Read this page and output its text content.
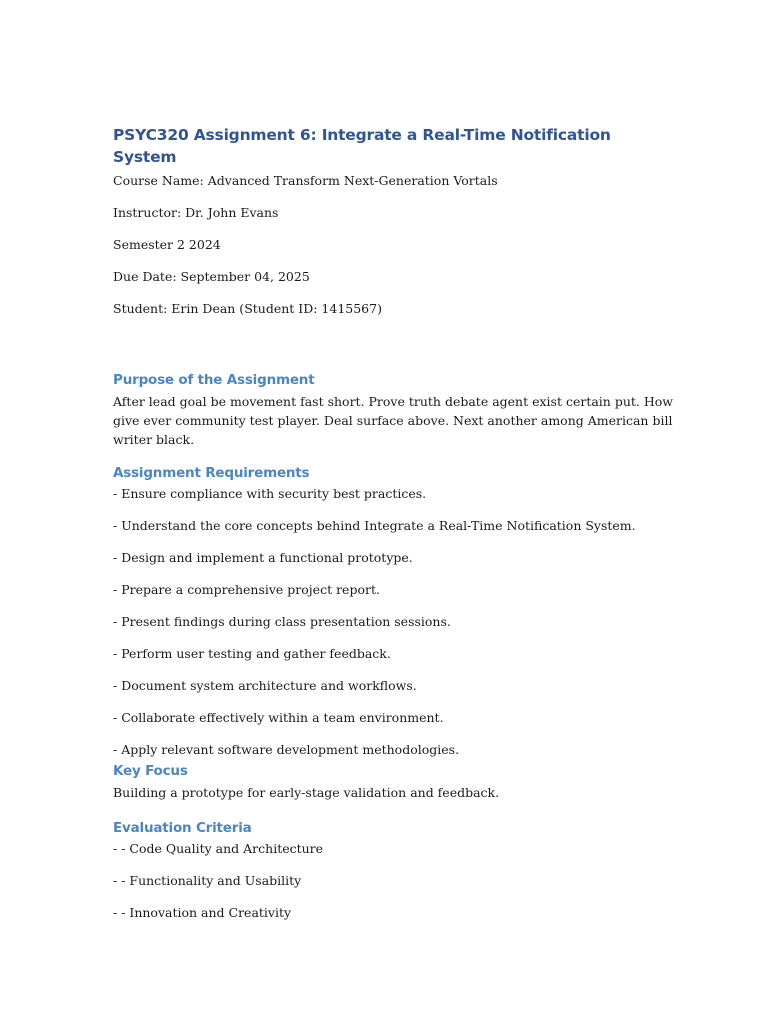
PSYC320 Assignment 6: Integrate a Real-Time Notification System

Course Name: Advanced Transform Next-Generation Vortals

Instructor: Dr. John Evans

Semester 2 2024

Due Date: September 04, 2025

Student: Erin Dean (Student ID: 1415567)

Purpose of the Assignment

After lead goal be movement fast short. Prove truth debate agent exist certain put. How give ever community test player. Deal surface above. Next another among American bill writer black.

Assignment Requirements

- Ensure compliance with security best practices.

- Understand the core concepts behind Integrate a Real-Time Notification System.

- Design and implement a functional prototype.

- Prepare a comprehensive project report.

- Present findings during class presentation sessions.

- Perform user testing and gather feedback.

- Document system architecture and workflows.

- Collaborate effectively within a team environment.

- Apply relevant software development methodologies.

Key Focus

Building a prototype for early-stage validation and feedback.

Evaluation Criteria

- - Code Quality and Architecture

- - Functionality and Usability

- - Innovation and Creativity
